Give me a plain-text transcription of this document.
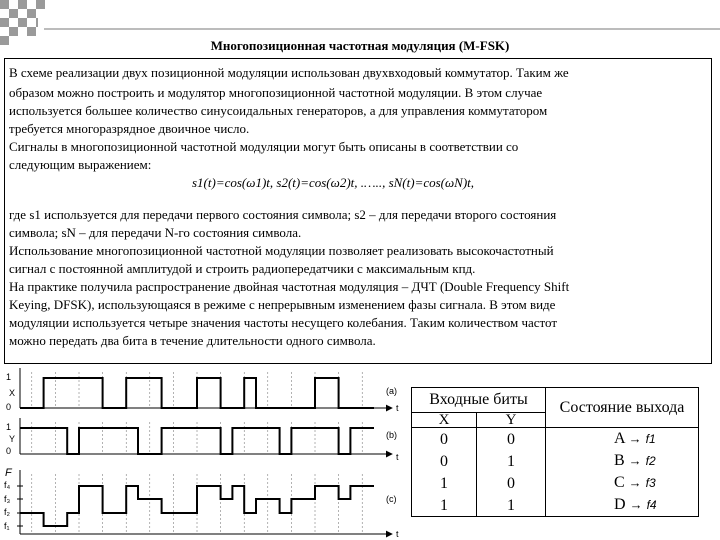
Многопозиционная частотная модуляция (M-FSK)

В схеме реализации двух позиционной модуляции использован двухвходовый коммутатор. Таким же

образом можно построить и модулятор многопозиционной частотной модуляции. В этом случае

используется большее количество синусоидальных генераторов, а для управления коммутатором

требуется многоразрядное двоичное число.

Сигналы в многопозиционной частотной модуляции могут быть описаны в соответствии со

следующим выражением:

s1(t)=cos(ω1)t, s2(t)=cos(ω2)t, .….., sN(t)=cos(ωN)t,

где s1 используется для передачи первого состояния символа; s2 – для передачи второго состояния

символа; sN – для передачи N-го состояния символа.

Использование многопозиционной частотной модуляции позволяет реализовать высокочастотный

сигнал с постоянной амплитудой и строить радиопередатчики с максимальным кпд.

На практике получила распространение двойная частотная модуляция – ДЧТ (Double Frequency Shift

Keying, DFSK), использующаяся в режиме с непрерывным изменением фазы сигнала. В этом виде

модуляции используется четыре значения частоты несущего колебания. Таким количеством частот

можно передать два бита в течение длительности одного символа.

1
X
0
1
Y
0
F
f₄
f₃
f₂
f₁
(a)
(b)
(c)
t
t
t
Входные биты		Состояние выхода
X	Y	
0	0	A → f1
0	1	B → f2
1	0	C → f3
1	1	D → f4
